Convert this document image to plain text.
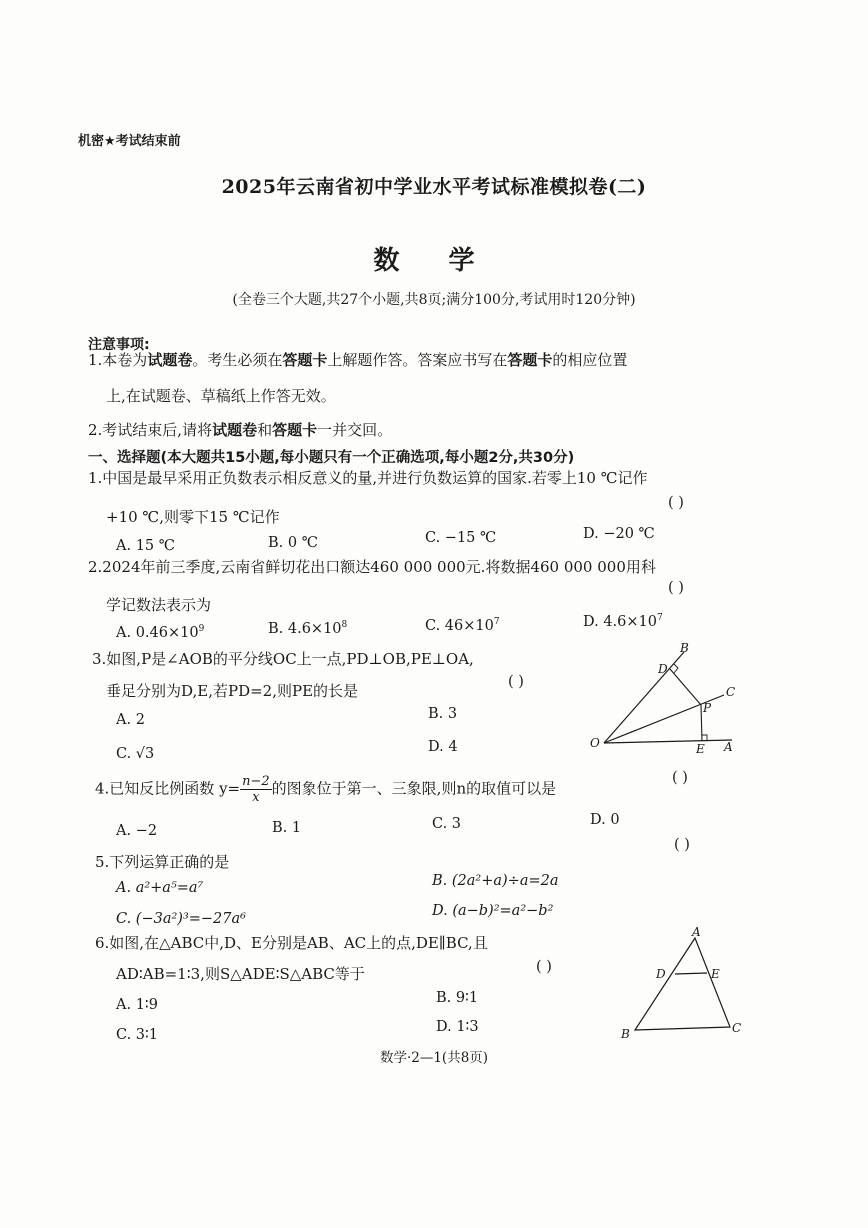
机密★考试结束前
2025年云南省初中学业水平考试标准模拟卷(二)
数 学
(全卷三个大题,共27个小题,共8页;满分100分,考试用时120分钟)
注意事项:
1.本卷为试题卷。考生必须在答题卡上解题作答。答案应书写在答题卡的相应位置
上,在试题卷、草稿纸上作答无效。
2.考试结束后,请将试题卷和答题卡一并交回。
一、选择题(本大题共15小题,每小题只有一个正确选项,每小题2分,共30分)
1.中国是最早采用正负数表示相反意义的量,并进行负数运算的国家.若零上10 ℃记作
( )
+10 ℃,则零下15 ℃记作
A. 15 ℃	B. 0 ℃	C. −15 ℃	D. −20 ℃
2.2024年前三季度,云南省鲜切花出口额达460 000 000元.将数据460 000 000用科
( )
学记数法表示为
A. $0.46\times 10^9$	B. $4.6\times 10^8$	C. $46\times 10^7$	D. $4.6\times 10^7$
3.如图,P是∠AOB的平分线OC上一点,PD⊥OB,PE⊥OA,
垂足分别为D,E,若PD=2,则PE的长是	( )
A. 2	B. 3
C. √3	D. 4
B
D
C
P
O	E A
4.已知反比例函数 $y= \frac{n-2}{x}$ 的图象位于第一、三象限,则n的取值可以是
( )
A. −2	B. 1	C. 3	D. 0
5.下列运算正确的是
( )
A. a²+a⁵=a⁷	B. (2a²+a)÷a=2a
C. (−3a²)³=−27a⁶	D. (a−b)²=a²−b²
6.如图,在△ABC中,D、E分别是AB、AC上的点,DE∥BC,且
AD∶AB=1∶3,则S△ADE∶S△ABC等于	( )
A. 1∶9	B. 9∶1
C. 3∶1	D. 1∶3
A
D	E
B	C
数学·2—1(共8页)
